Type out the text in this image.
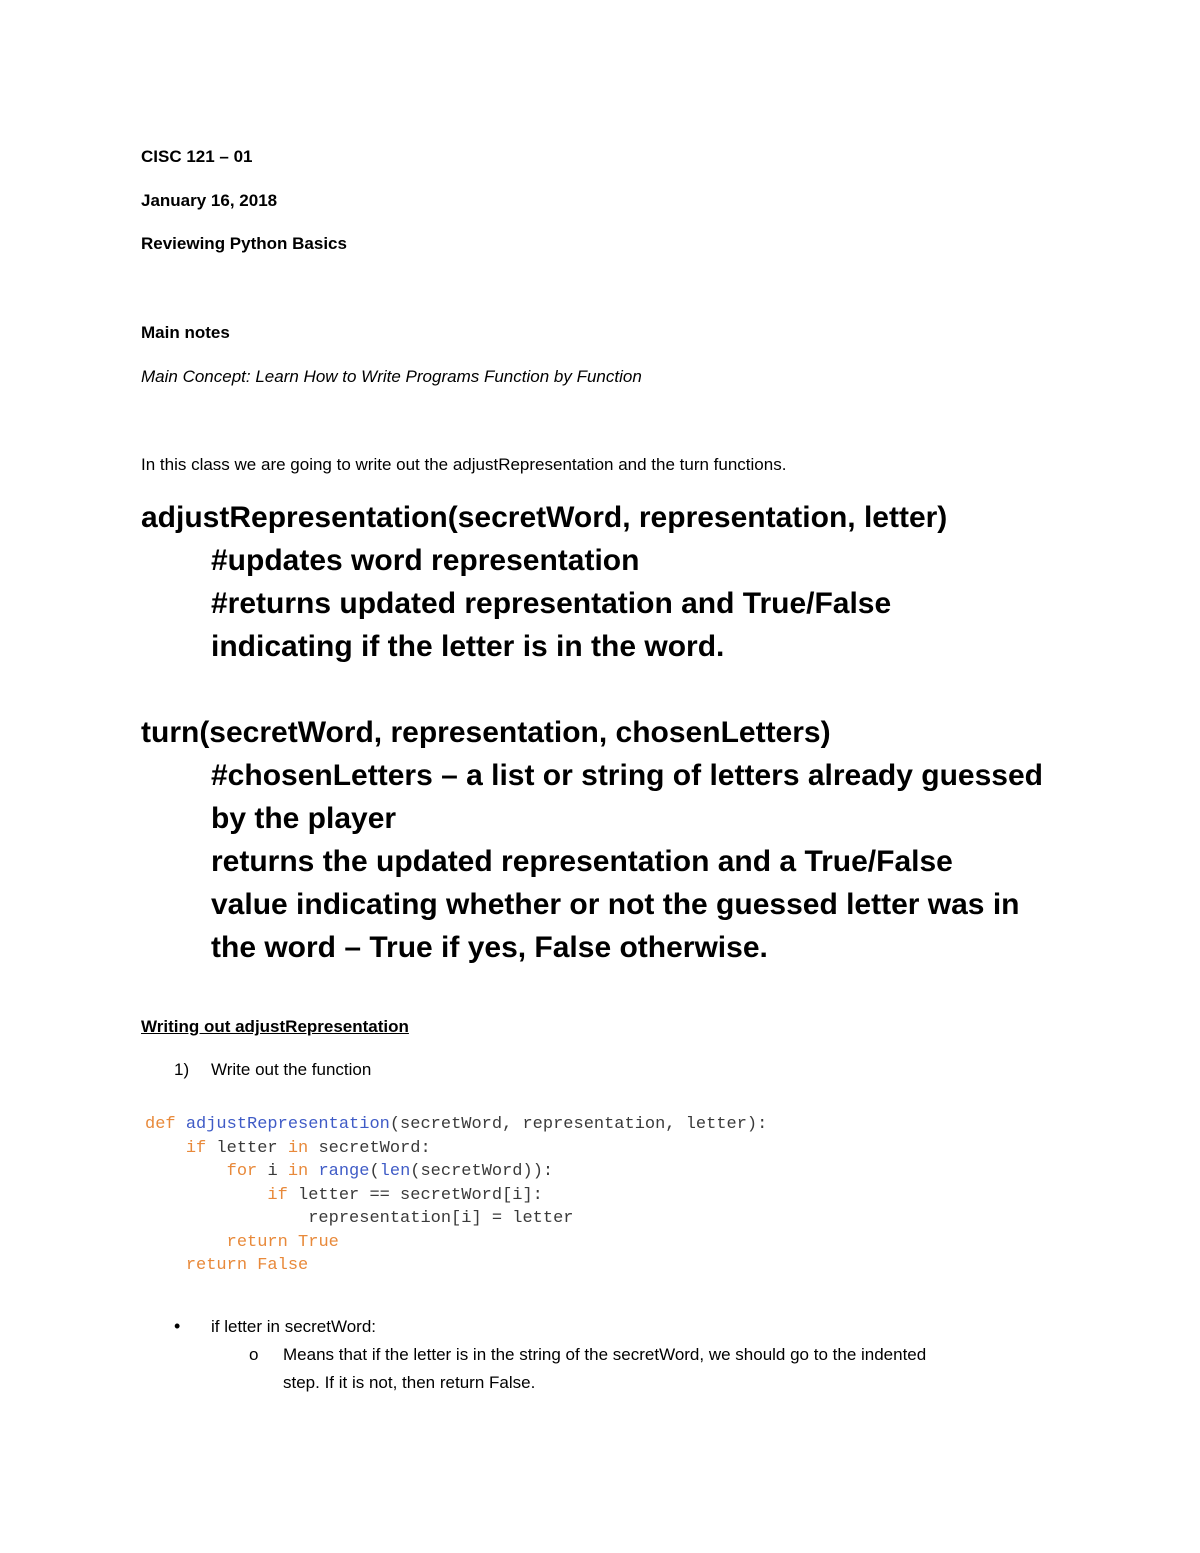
CISC 121 – 01
January 16, 2018
Reviewing Python Basics
Main notes
Main Concept: Learn How to Write Programs Function by Function
In this class we are going to write out the adjustRepresentation and the turn functions.
adjustRepresentation(secretWord, representation, letter)
#updates word representation
#returns updated representation and True/False
indicating if the letter is in the word.
turn(secretWord, representation, chosenLetters)
#chosenLetters – a list or string of letters already guessed
by the player
returns the updated representation and a True/False
value indicating whether or not the guessed letter was in
the word – True if yes, False otherwise.
Writing out adjustRepresentation
1) Write out the function
def adjustRepresentation(secretWord, representation, letter):
if letter in secretWord:
for i in range(len(secretWord)):
if letter == secretWord[i]:
representation[i] = letter
return True
return False
• if letter in secretWord:
o Means that if the letter is in the string of the secretWord, we should go to the indented
step. If it is not, then return False.
